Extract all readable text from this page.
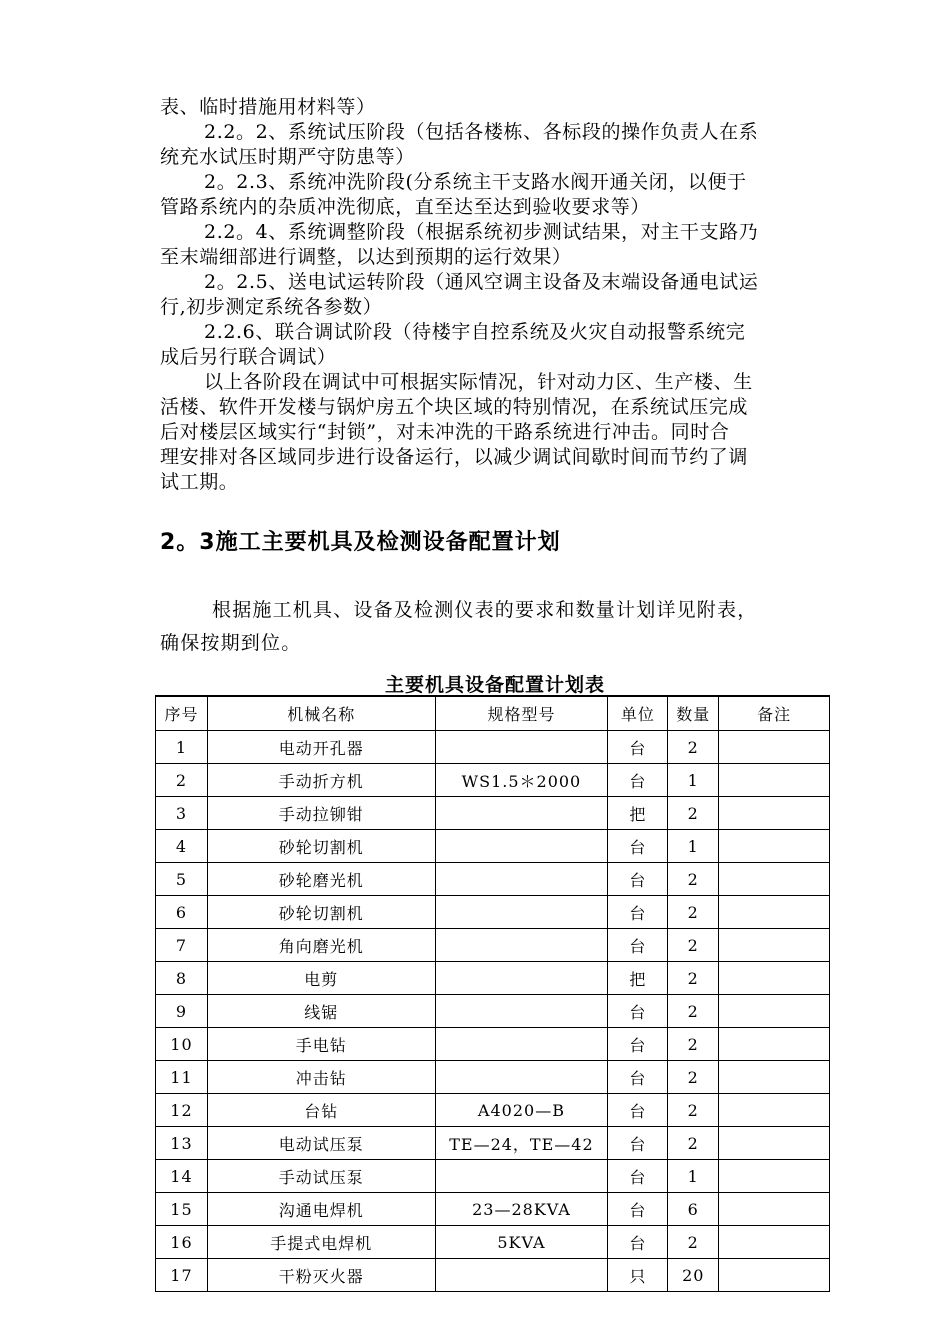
表、临时措施用材料等）
2.2。2、系统试压阶段（包括各楼栋、各标段的操作负责人在系
统充水试压时期严守防患等）
2。2.3、系统冲洗阶段(分系统主干支路水阀开通关闭，以便于
管路系统内的杂质冲洗彻底，直至达至达到验收要求等）
2.2。4、系统调整阶段（根据系统初步测试结果，对主干支路乃
至末端细部进行调整，以达到预期的运行效果）
2。2.5、送电试运转阶段（通风空调主设备及末端设备通电试运
行,初步测定系统各参数）
2.2.6、联合调试阶段（待楼宇自控系统及火灾自动报警系统完
成后另行联合调试）
以上各阶段在调试中可根据实际情况，针对动力区、生产楼、生
活楼、软件开发楼与锅炉房五个块区域的特别情况，在系统试压完成
后对楼层区域实行“封锁”，对未冲洗的干路系统进行冲击。同时合
理安排对各区域同步进行设备运行，以减少调试间歇时间而节约了调
试工期。
2。3施工主要机具及检测设备配置计划
根据施工机具、设备及检测仪表的要求和数量计划详见附表，
确保按期到位。
主要机具设备配置计划表
序号	机械名称	规格型号	单位	数量	备注
1	电动开孔器		台	2	
2	手动折方机	WS1.5＊2000	台	1	
3	手动拉铆钳		把	2	
4	砂轮切割机		台	1	
5	砂轮磨光机		台	2	
6	砂轮切割机		台	2	
7	角向磨光机		台	2	
8	电剪		把	2	
9	线锯		台	2	
10	手电钻		台	2	
11	冲击钻		台	2	
12	台钻	A4020—B	台	2	
13	电动试压泵	TE—24，TE—42	台	2	
14	手动试压泵		台	1	
15	沟通电焊机	23—28KVA	台	6	
16	手提式电焊机	5KVA	台	2	
17	干粉灭火器		只	20	
